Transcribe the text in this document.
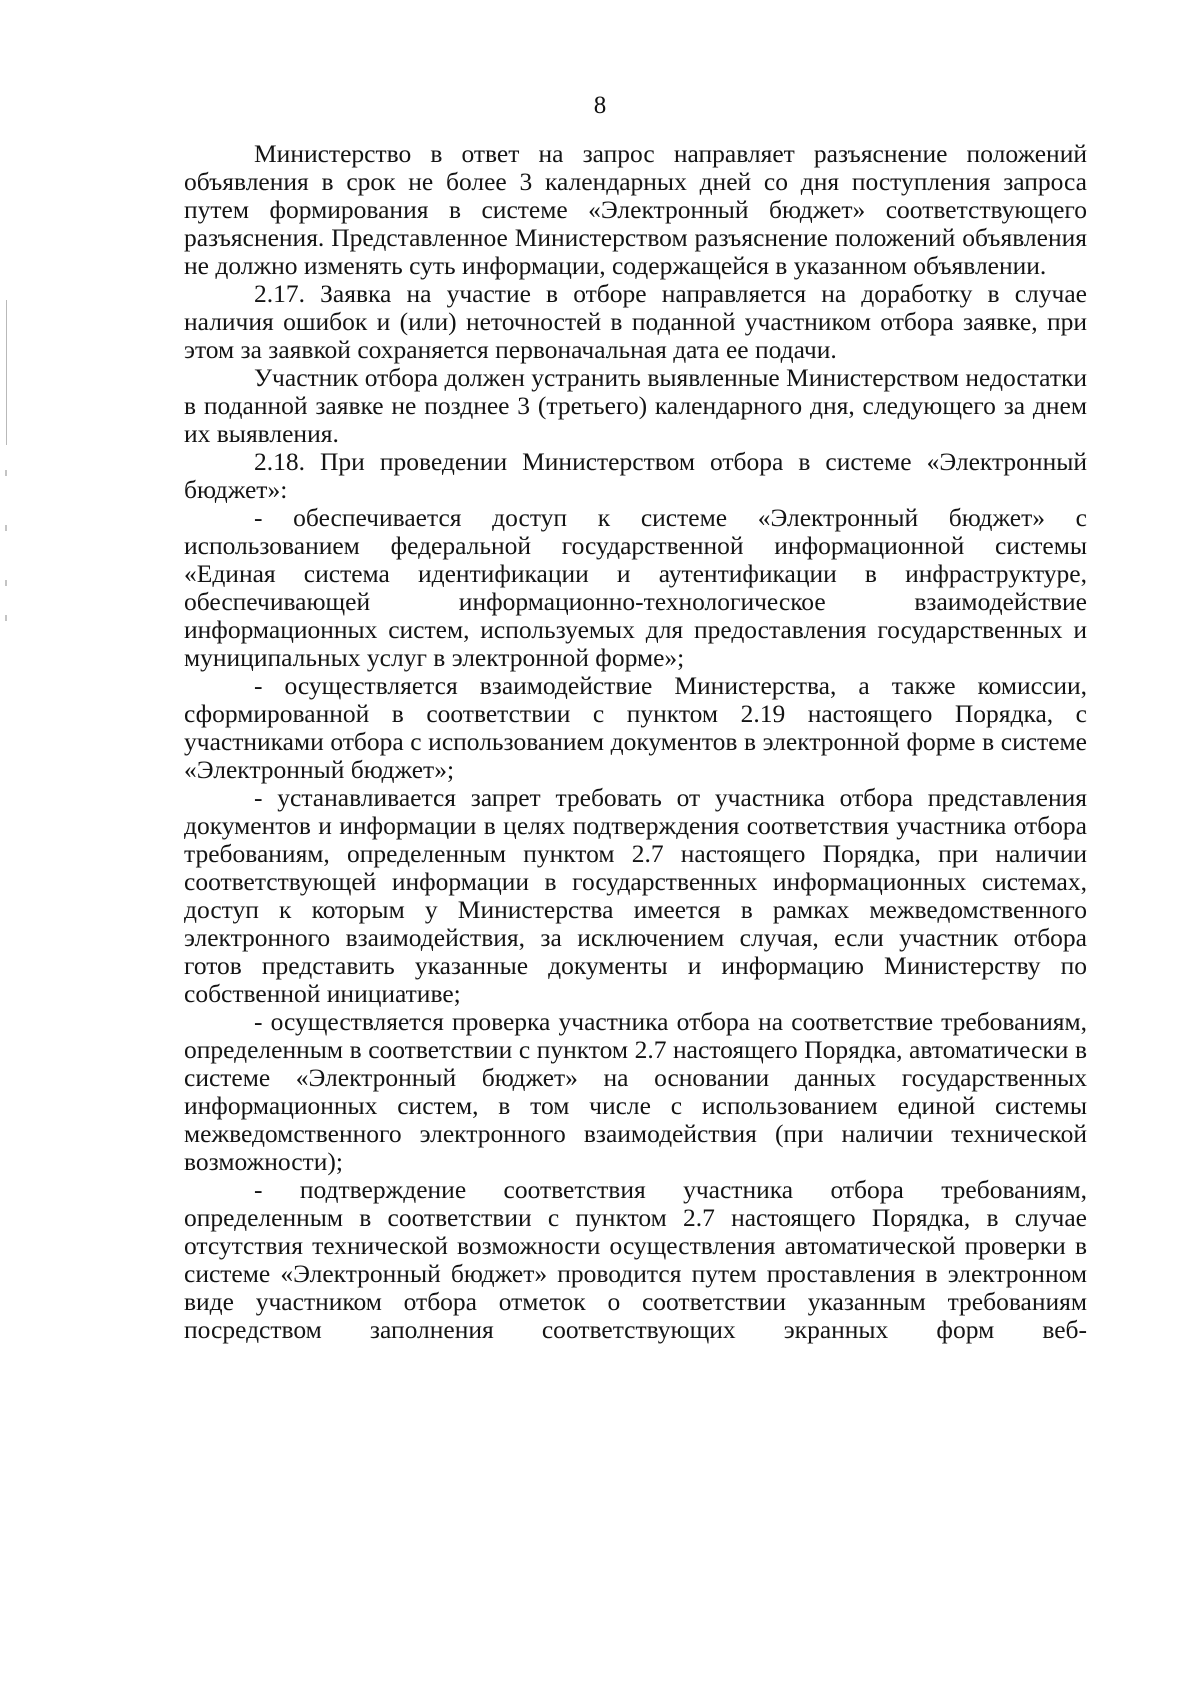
8

Министерство в ответ на запрос направляет разъяснение положений объявления в срок не более 3 календарных дней со дня поступления запроса путем формирования в системе «Электронный бюджет» соответствующего разъяснения. Представленное Министерством разъяснение положений объявления не должно изменять суть информации, содержащейся в указанном объявлении.

2.17. Заявка на участие в отборе направляется на доработку в случае наличия ошибок и (или) неточностей в поданной участником отбора заявке, при этом за заявкой сохраняется первоначальная дата ее подачи.

Участник отбора должен устранить выявленные Министерством недостатки в поданной заявке не позднее 3 (третьего) календарного дня, следующего за днем их выявления.

2.18. При проведении Министерством отбора в системе «Электронный бюджет»:

- обеспечивается доступ к системе «Электронный бюджет» с использованием федеральной государственной информационной системы «Единая система идентификации и аутентификации в инфраструктуре, обеспечивающей информационно-технологическое взаимодействие информационных систем, используемых для предоставления государственных и муниципальных услуг в электронной форме»;

- осуществляется взаимодействие Министерства, а также комиссии, сформированной в соответствии с пунктом 2.19 настоящего Порядка, с участниками отбора с использованием документов в электронной форме в системе «Электронный бюджет»;

- устанавливается запрет требовать от участника отбора представления документов и информации в целях подтверждения соответствия участника отбора требованиям, определенным пунктом 2.7 настоящего Порядка, при наличии соответствующей информации в государственных информационных системах, доступ к которым у Министерства имеется в рамках межведомственного электронного взаимодействия, за исключением случая, если участник отбора готов представить указанные документы и информацию Министерству по собственной инициативе;

- осуществляется проверка участника отбора на соответствие требованиям, определенным в соответствии с пунктом 2.7 настоящего Порядка, автоматически в системе «Электронный бюджет» на основании данных государственных информационных систем, в том числе с использованием единой системы межведомственного электронного взаимодействия (при наличии технической возможности);

- подтверждение соответствия участника отбора требованиям, определенным в соответствии с пунктом 2.7 настоящего Порядка, в случае отсутствия технической возможности осуществления автоматической проверки в системе «Электронный бюджет» проводится путем проставления в электронном виде участником отбора отметок о соответствии указанным требованиям посредством заполнения соответствующих экранных форм веб-
